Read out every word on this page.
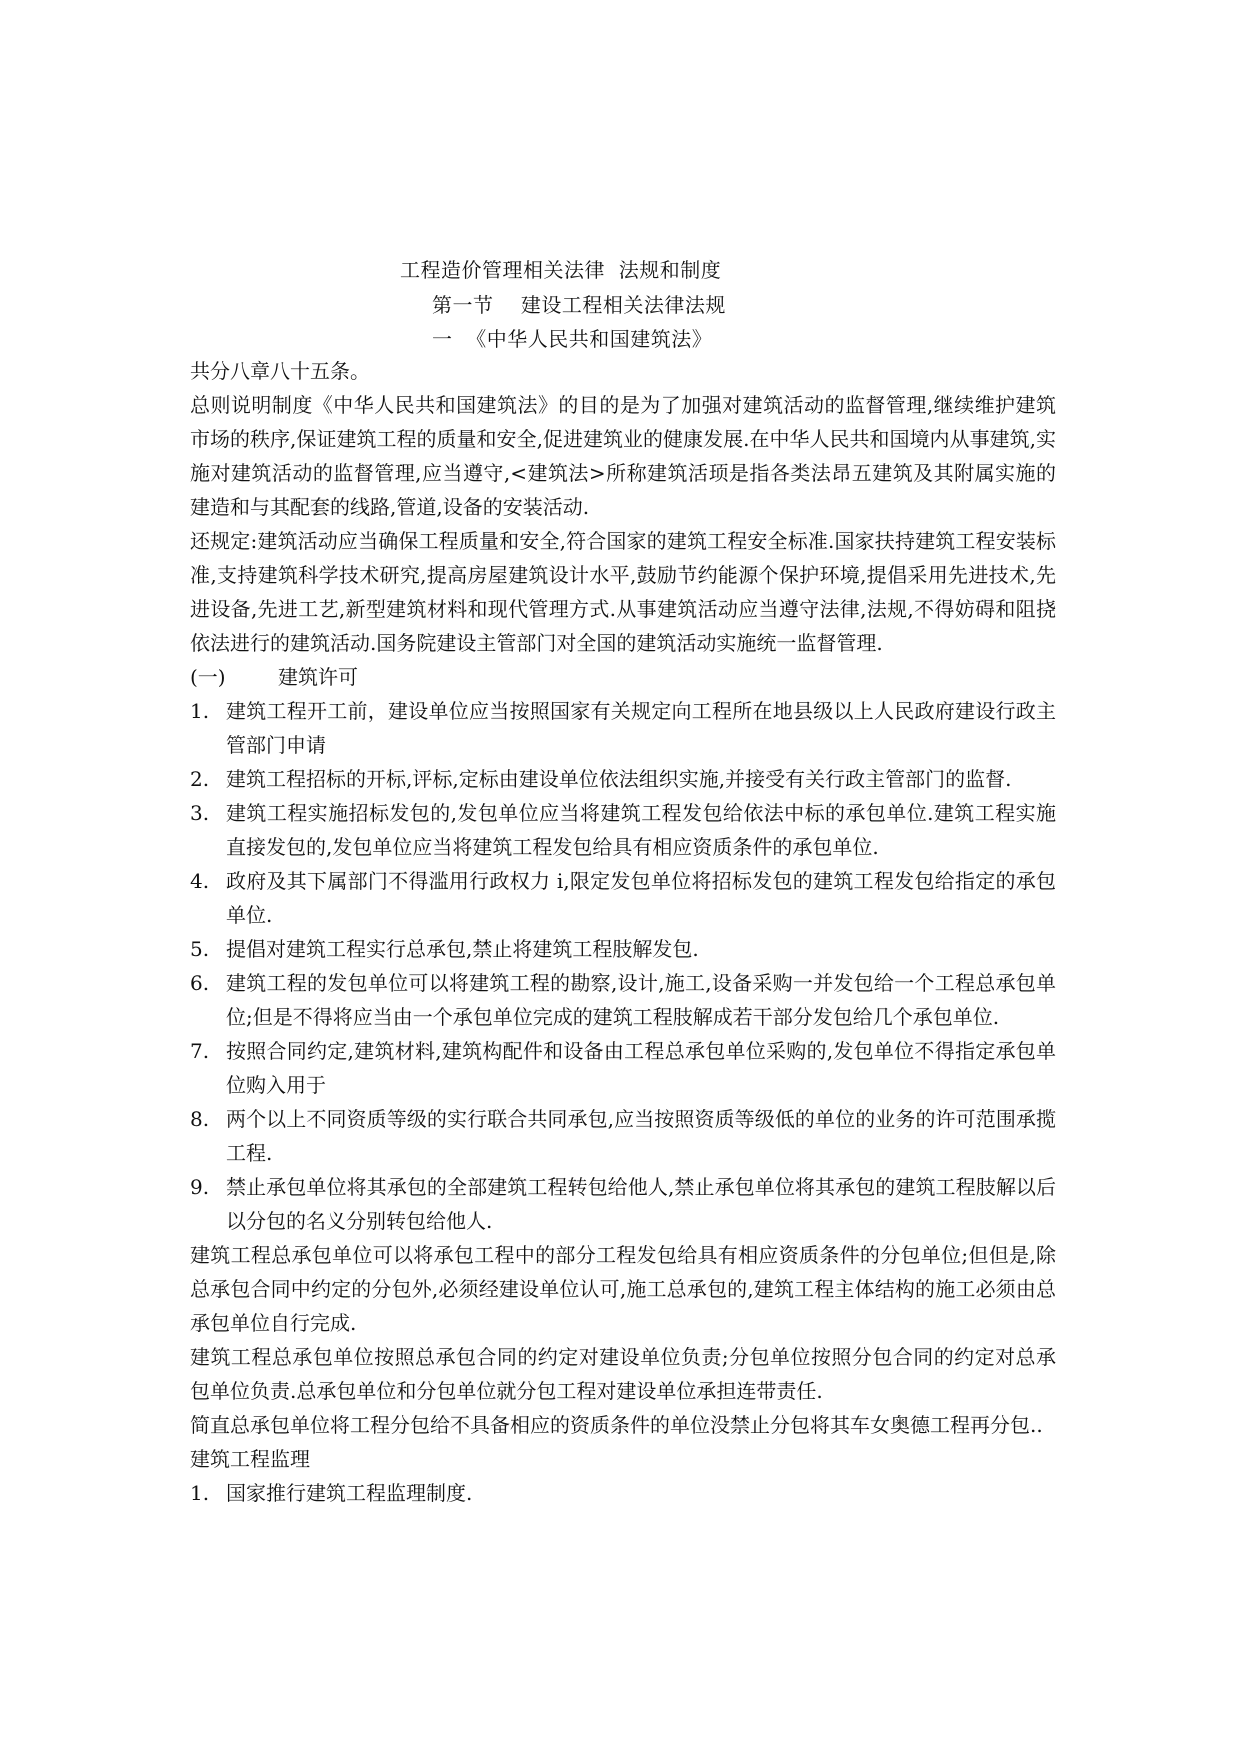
工程造价管理相关法律  法规和制度
第一节    建设工程相关法律法规
一  《中华人民共和国建筑法》

共分八章八十五条。

总则说明制度《中华人民共和国建筑法》的目的是为了加强对建筑活动的监督管理,继续维护建筑市场的秩序,保证建筑工程的质量和安全,促进建筑业的健康发展.在中华人民共和国境内从事建筑,实施对建筑活动的监督管理,应当遵守,<建筑法>所称建筑活顼是指各类法昂五建筑及其附属实施的建造和与其配套的线路,管道,设备的安装活动.

还规定:建筑活动应当确保工程质量和安全,符合国家的建筑工程安全标准.国家扶持建筑工程安装标准,支持建筑科学技术研究,提高房屋建筑设计水平,鼓励节约能源个保护环境,提倡采用先进技术,先进设备,先进工艺,新型建筑材料和现代管理方式.从事建筑活动应当遵守法律,法规,不得妨碍和阻挠依法进行的建筑活动.国务院建设主管部门对全国的建筑活动实施统一监督管理.

(一)	建筑许可
1. 建筑工程开工前，建设单位应当按照国家有关规定向工程所在地县级以上人民政府建设行政主管部门申请
2. 建筑工程招标的开标,评标,定标由建设单位依法组织实施,并接受有关行政主管部门的监督.
3. 建筑工程实施招标发包的,发包单位应当将建筑工程发包给依法中标的承包单位.建筑工程实施直接发包的,发包单位应当将建筑工程发包给具有相应资质条件的承包单位.
4. 政府及其下属部门不得滥用行政权力 i,限定发包单位将招标发包的建筑工程发包给指定的承包单位.
5. 提倡对建筑工程实行总承包,禁止将建筑工程肢解发包.
6. 建筑工程的发包单位可以将建筑工程的勘察,设计,施工,设备采购一并发包给一个工程总承包单位;但是不得将应当由一个承包单位完成的建筑工程肢解成若干部分发包给几个承包单位.
7. 按照合同约定,建筑材料,建筑构配件和设备由工程总承包单位采购的,发包单位不得指定承包单位购入用于
8. 两个以上不同资质等级的实行联合共同承包,应当按照资质等级低的单位的业务的许可范围承揽工程.
9. 禁止承包单位将其承包的全部建筑工程转包给他人,禁止承包单位将其承包的建筑工程肢解以后以分包的名义分别转包给他人.

建筑工程总承包单位可以将承包工程中的部分工程发包给具有相应资质条件的分包单位;但但是,除总承包合同中约定的分包外,必须经建设单位认可,施工总承包的,建筑工程主体结构的施工必须由总承包单位自行完成.

建筑工程总承包单位按照总承包合同的约定对建设单位负责;分包单位按照分包合同的约定对总承包单位负责.总承包单位和分包单位就分包工程对建设单位承担连带责任.

简直总承包单位将工程分包给不具备相应的资质条件的单位没禁止分包将其车女奥德工程再分包..

建筑工程监理

1. 国家推行建筑工程监理制度.
